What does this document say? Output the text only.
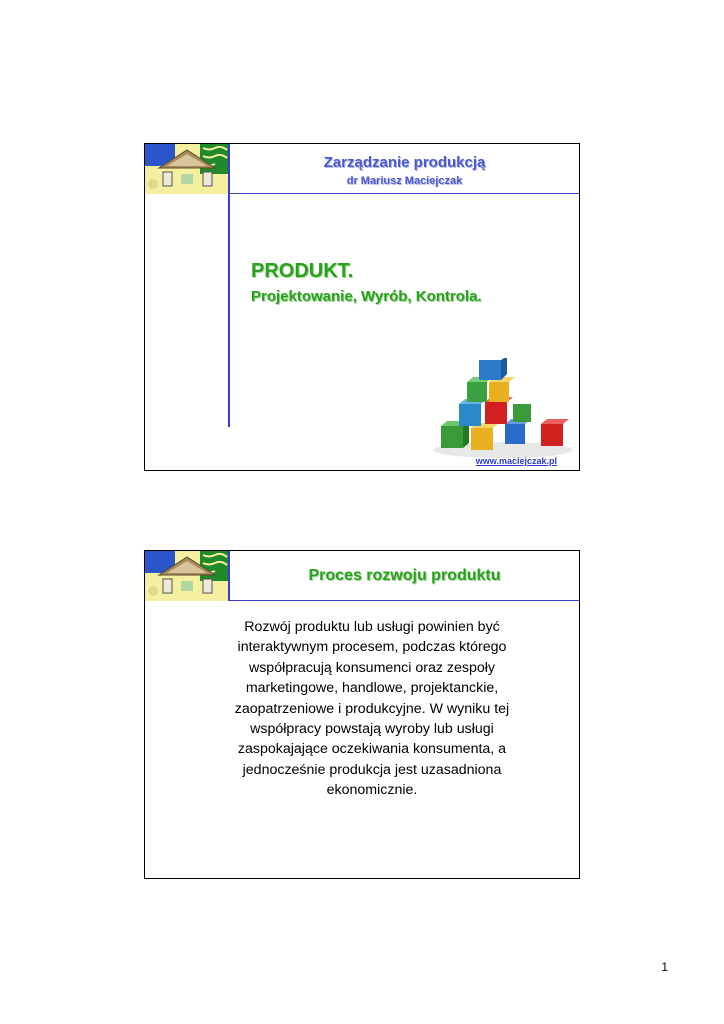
Zarządzanie produkcją
dr Mariusz Maciejczak
PRODUKT.
Projektowanie, Wyrób, Kontrola.
www.maciejczak.pl
Proces rozwoju produktu
Rozwój produktu lub usługi powinien być
interaktywnym procesem, podczas którego
współpracują konsumenci oraz zespoły
marketingowe, handlowe, projektanckie,
zaopatrzeniowe i produkcyjne. W wyniku tej
współpracy powstają wyroby lub usługi
zaspokajające oczekiwania konsumenta, a
jednocześnie produkcja jest uzasadniona
ekonomicznie.
1
